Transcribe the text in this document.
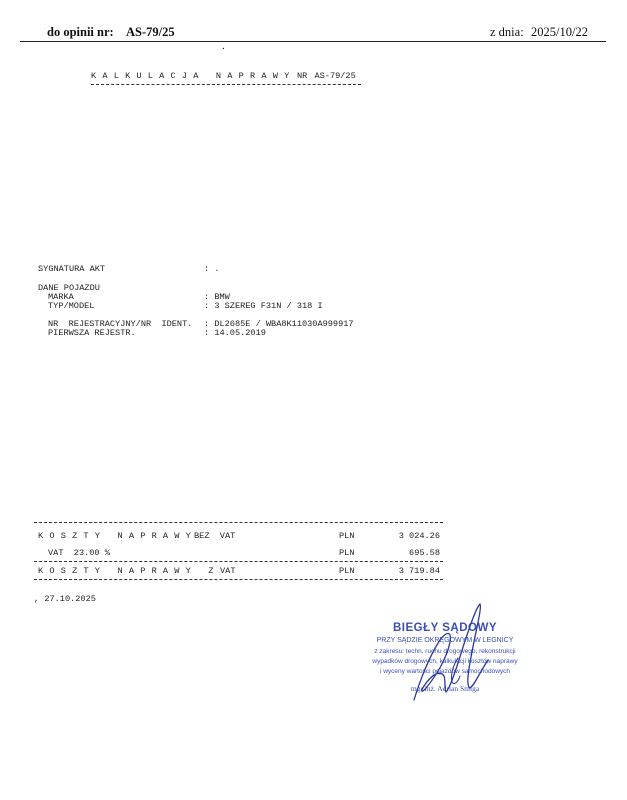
do opinii nr: AS-79/25	z dnia: 2025/10/22
.
KALKULACJA NAPRAWY NR AS-79/25
SYGNATURA AKT	: .
DANE POJAZDU
MARKA	: BMW
TYP/MODEL	: 3 SZEREG F31N / 318 I
NR  REJESTRACYJNY/NR  IDENT. : DL2685E / WBA8K11030A999917
PIERWSZA REJESTR.	: 14.05.2019
KOSZTY NAPRAWY
BEZ  VAT	PLN	3 024.26
VAT  23.00 %	PLN	695.58
KOSZTY NAPRAWY Z VAT	PLN	3 719.84
, 27.10.2025
BIEGŁY SĄDOWY
PRZY SĄDZIE OKRĘGOWYM W LEGNICY
z zakresu: techn. ruchu drogowego, rekonstrukcji
wypadków drogowych, kalkulacji kosztów naprawy
i wyceny wartości pojazdów samochodowych
mgr inż. Adrian Smiga
